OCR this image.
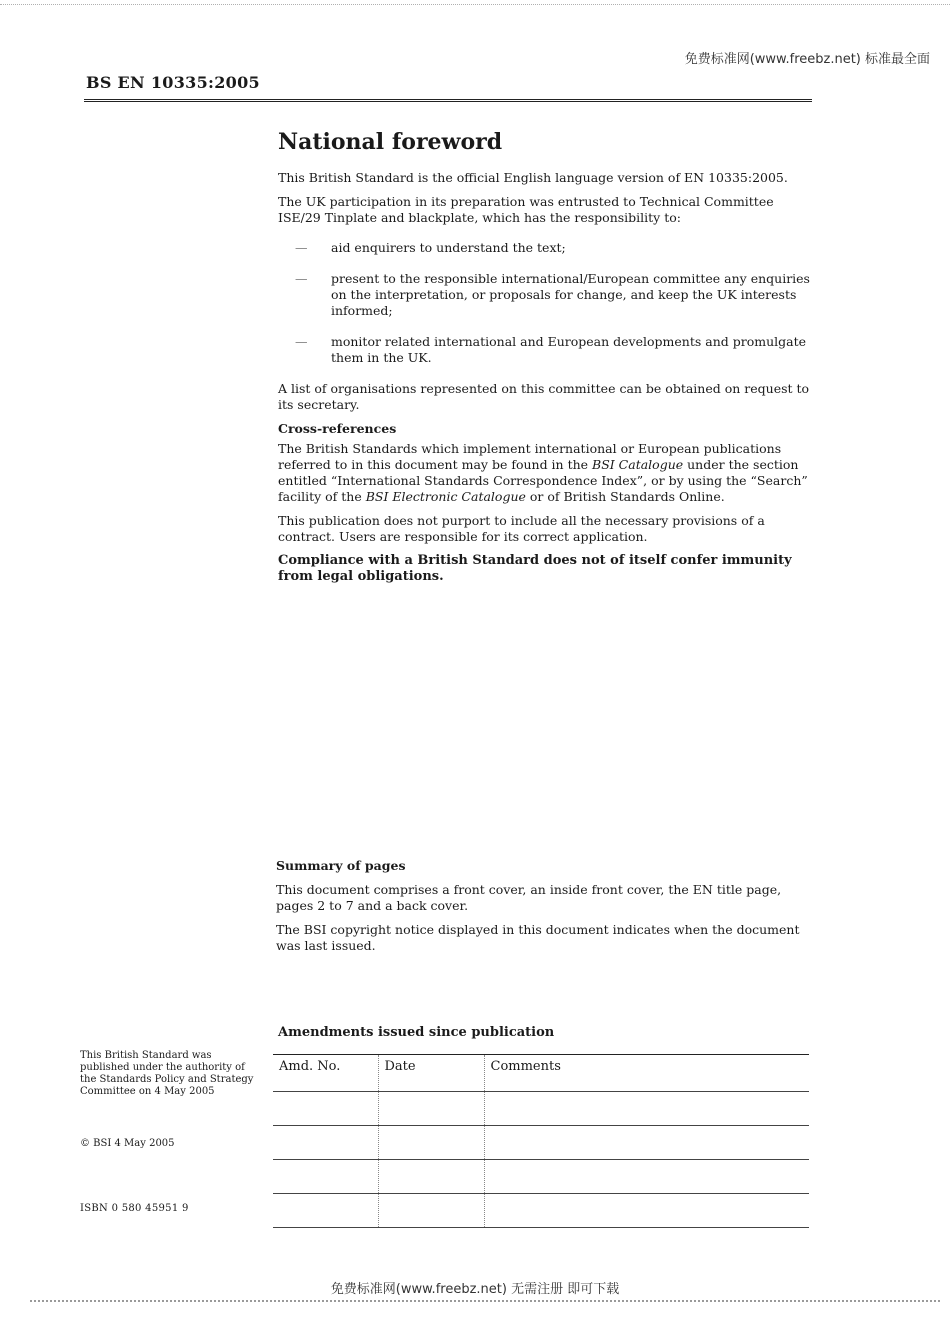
免费标准网(www.freebz.net) 标准最全面
BS EN 10335:2005
National foreword

This British Standard is the official English language version of EN 10335:2005.

The UK participation in its preparation was entrusted to Technical Committee ISE/29 Tinplate and blackplate, which has the responsibility to:

— aid enquirers to understand the text;
— present to the responsible international/European committee any enquiries on the interpretation, or proposals for change, and keep the UK interests informed;
— monitor related international and European developments and promulgate them in the UK.

A list of organisations represented on this committee can be obtained on request to its secretary.

Cross-references

The British Standards which implement international or European publications referred to in this document may be found in the BSI Catalogue under the section entitled “International Standards Correspondence Index”, or by using the “Search” facility of the BSI Electronic Catalogue or of British Standards Online.

This publication does not purport to include all the necessary provisions of a contract. Users are responsible for its correct application.

Compliance with a British Standard does not of itself confer immunity from legal obligations.

Summary of pages

This document comprises a front cover, an inside front cover, the EN title page, pages 2 to 7 and a back cover.

The BSI copyright notice displayed in this document indicates when the document was last issued.

This British Standard was published under the authority of the Standards Policy and Strategy Committee on 4 May 2005
© BSI 4 May 2005
ISBN 0 580 45951 9
Amendments issued since publication
Amd. No.	Date	Comments

免费标准网(www.freebz.net) 无需注册 即可下载
